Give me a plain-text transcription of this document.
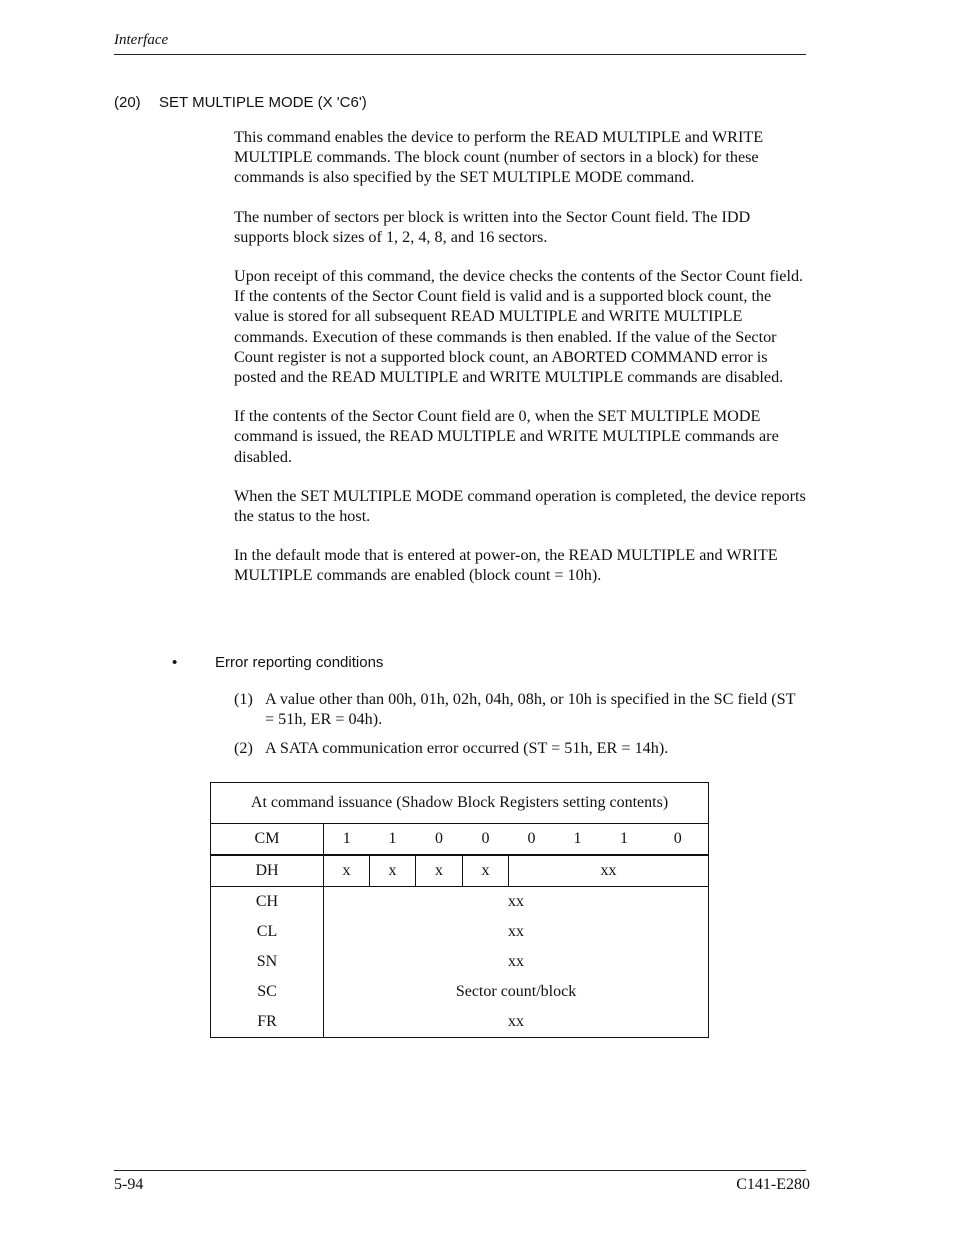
Interface
(20) SET MULTIPLE MODE (X 'C6')

This command enables the device to perform the READ MULTIPLE and WRITE MULTIPLE commands. The block count (number of sectors in a block) for these commands is also specified by the SET MULTIPLE MODE command.

The number of sectors per block is written into the Sector Count field. The IDD supports block sizes of 1, 2, 4, 8, and 16 sectors.

Upon receipt of this command, the device checks the contents of the Sector Count field. If the contents of the Sector Count field is valid and is a supported block count, the value is stored for all subsequent READ MULTIPLE and WRITE MULTIPLE commands. Execution of these commands is then enabled. If the value of the Sector Count register is not a supported block count, an ABORTED COMMAND error is posted and the READ MULTIPLE and WRITE MULTIPLE commands are disabled.

If the contents of the Sector Count field are 0, when the SET MULTIPLE MODE command is issued, the READ MULTIPLE and WRITE MULTIPLE commands are disabled.

When the SET MULTIPLE MODE command operation is completed, the device reports the status to the host.

In the default mode that is entered at power-on, the READ MULTIPLE and WRITE MULTIPLE commands are enabled (block count = 10h).

•	Error reporting conditions
(1) A value other than 00h, 01h, 02h, 04h, 08h, or 10h is specified in the SC field (ST = 51h, ER = 04h).
(2) A SATA communication error occurred (ST = 51h, ER = 14h).
At command issuance (Shadow Block Registers setting contents)								
CM	1	1	0	0	0	1	1	0
DH	x	x	x	x	xx			
CH	xx							
CL	xx							
SN	xx							
SC	Sector count/block							
FR	xx							
5-94	C141-E280
